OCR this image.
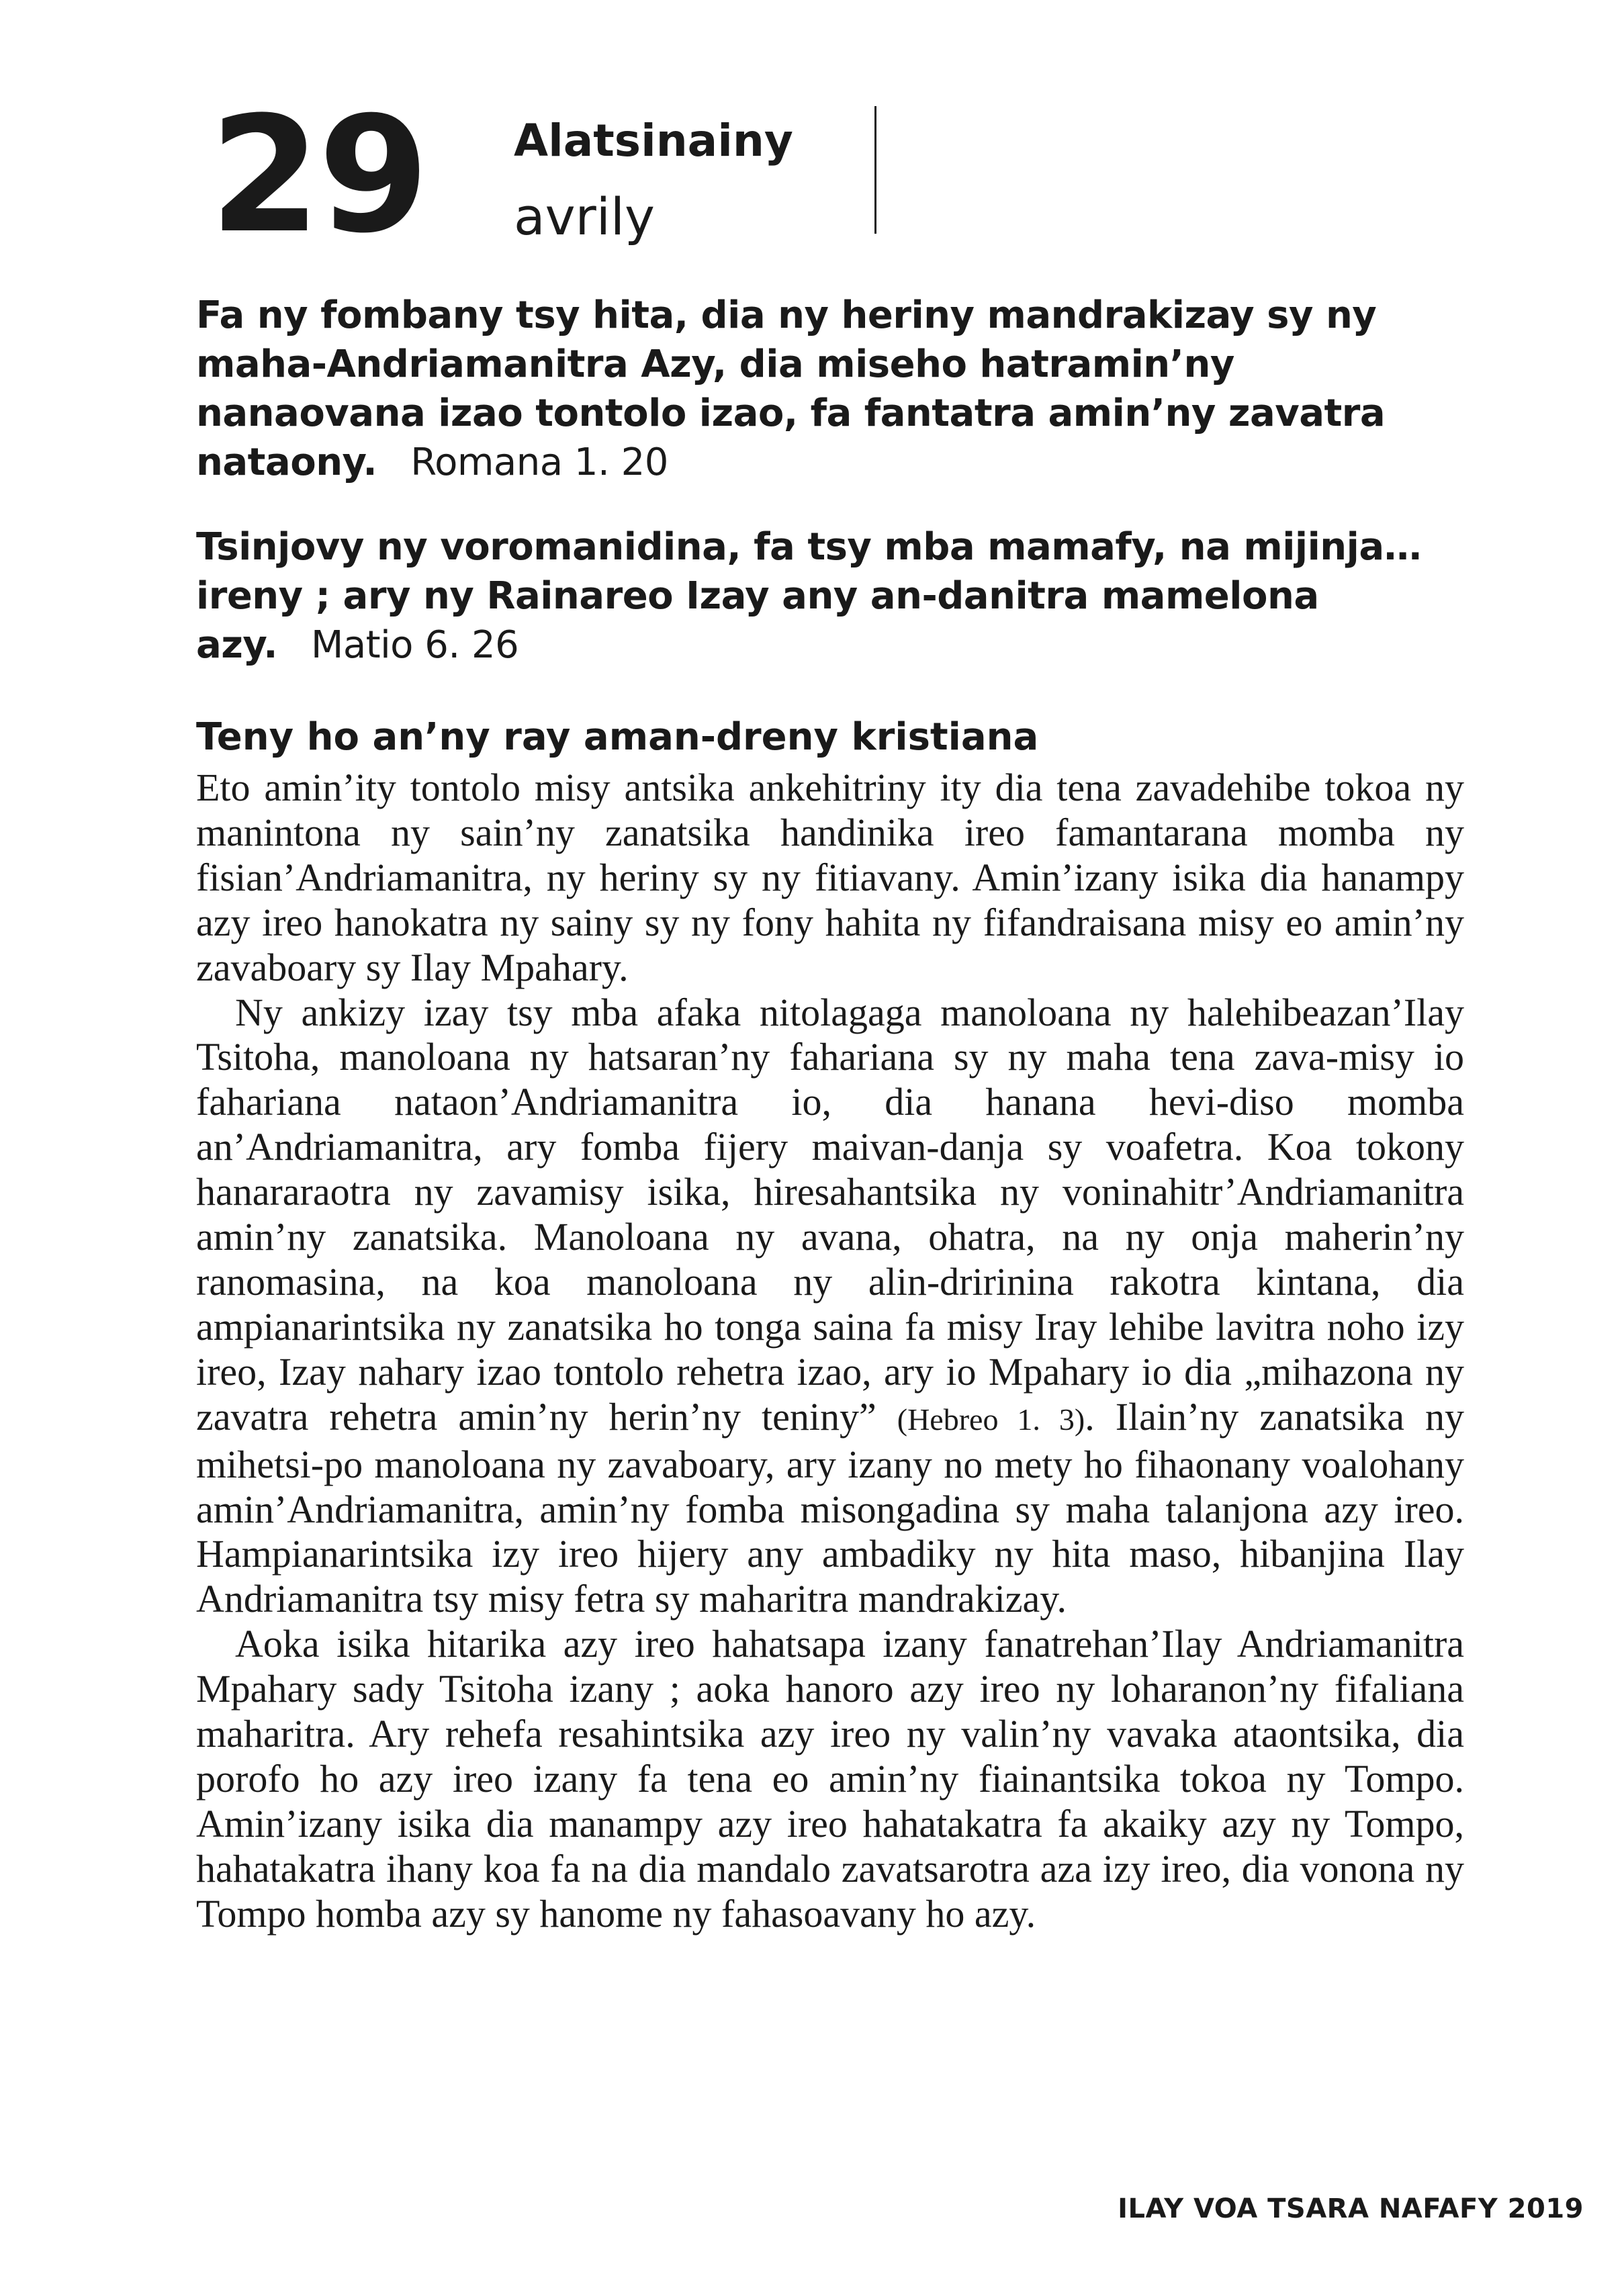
29 Alatsinainy
avrily
Fa ny fombany tsy hita, dia ny heriny mandrakizay sy ny maha-Andriamanitra Azy, dia miseho hatramin’ny nanaovana izao tontolo izao, fa fantatra amin’ny zavatra nataony. Romana 1. 20
Tsinjovy ny voromanidina, fa tsy mba mamafy, na mijinja… ireny ; ary ny Rainareo Izay any an-danitra mamelona azy. Matio 6. 26
Teny ho an’ny ray aman-dreny kristiana

Eto amin’ity tontolo misy antsika ankehitriny ity dia tena zavadehibe tokoa ny manintona ny sain’ny zanatsika handinika ireo famantarana momba ny fisian’Andriamanitra, ny heriny sy ny fitiavany. Amin’izany isika dia hanampy azy ireo hanokatra ny sainy sy ny fony hahita ny fifandraisana misy eo amin’ny zavaboary sy Ilay Mpahary.

Ny ankizy izay tsy mba afaka nitolagaga manoloana ny halehibeazan’Ilay Tsitoha, manoloana ny hatsaran’ny fahariana sy ny maha tena zava-misy io fahariana nataon’Andriamanitra io, dia hanana hevi-diso momba an’Andriamanitra, ary fomba fijery maivan-danja sy voafetra. Koa tokony hanararaotra ny zavamisy isika, hiresahantsika ny voninahitr’Andriamanitra amin’ny zanatsika. Manoloana ny avana, ohatra, na ny onja maherin’ny ranomasina, na koa manoloana ny alin-dririnina rakotra kintana, dia ampianarintsika ny zanatsika ho tonga saina fa misy Iray lehibe lavitra noho izy ireo, Izay nahary izao tontolo rehetra izao, ary io Mpahary io dia „mihazona ny zavatra rehetra amin’ny herin’ny teniny” (Hebreo 1. 3). Ilain’ny zanatsika ny mihetsi-po manoloana ny zavaboary, ary izany no mety ho fihaonany voalohany amin’Andriamanitra, amin’ny fomba misongadina sy maha talanjona azy ireo. Hampianarintsika izy ireo hijery any ambadiky ny hita maso, hibanjina Ilay Andriamanitra tsy misy fetra sy maharitra mandrakizay.

Aoka isika hitarika azy ireo hahatsapa izany fanatrehan’Ilay Andriamanitra Mpahary sady Tsitoha izany ; aoka hanoro azy ireo ny loharanon’ny fifaliana maharitra. Ary rehefa resahintsika azy ireo ny valin’ny vavaka ataontsika, dia porofo ho azy ireo izany fa tena eo amin’ny fiainantsika tokoa ny Tompo. Amin’izany isika dia manampy azy ireo hahatakatra fa akaiky azy ny Tompo, hahatakatra ihany koa fa na dia mandalo zavatsarotra aza izy ireo, dia vonona ny Tompo homba azy sy hanome ny fahasoavany ho azy.

ILAY VOA TSARA NAFAFY 2019
